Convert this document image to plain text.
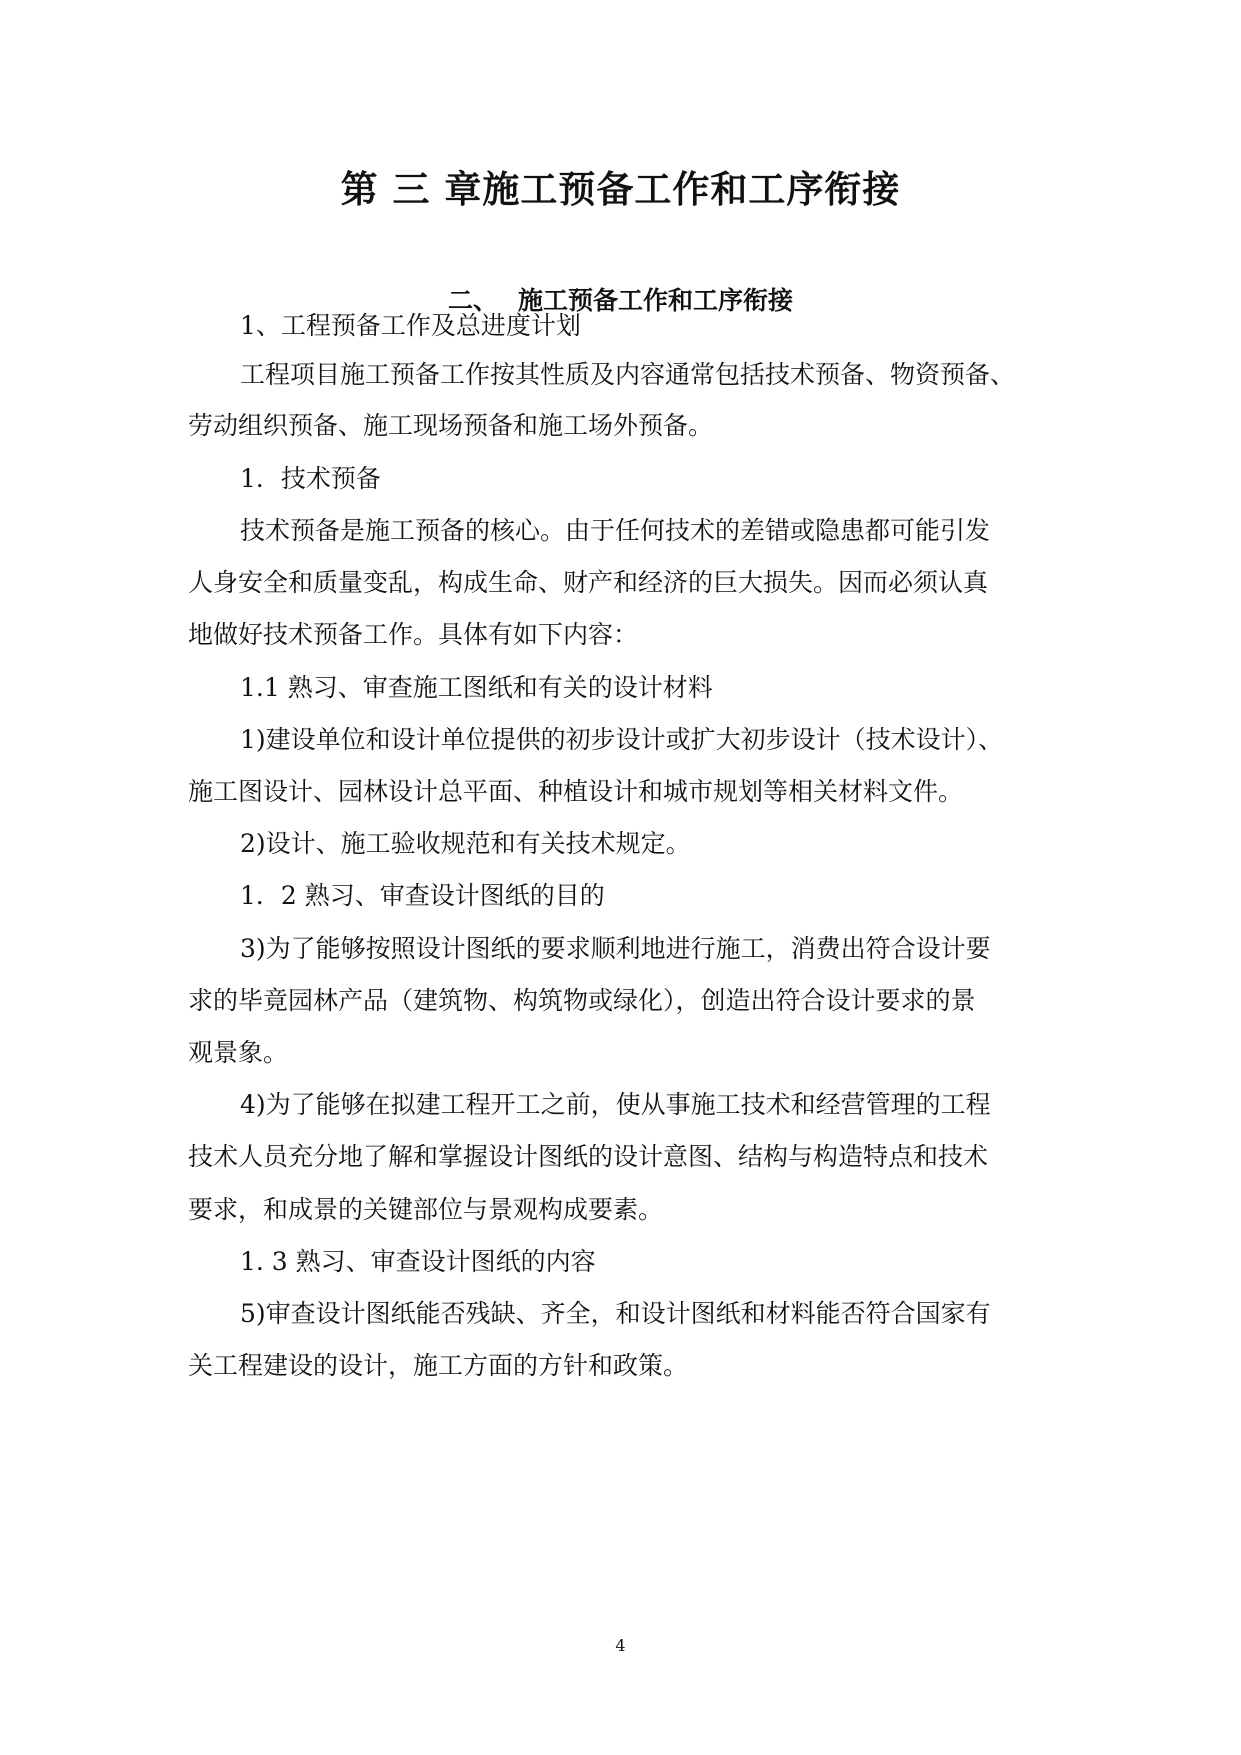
第 三 章施工预备工作和工序衔接
二、 施工预备工作和工序衔接

1、工程预备工作及总进度计划

工程项目施工预备工作按其性质及内容通常包括技术预备、物资预备、

劳动组织预备、施工现场预备和施工场外预备。

1．技术预备

技术预备是施工预备的核心。由于任何技术的差错或隐患都可能引发

人身安全和质量变乱，构成生命、财产和经济的巨大损失。因而必须认真

地做好技术预备工作。具体有如下内容：

1.1 熟习、审查施工图纸和有关的设计材料

1)建设单位和设计单位提供的初步设计或扩大初步设计（技术设计）、

施工图设计、园林设计总平面、种植设计和城市规划等相关材料文件。

2)设计、施工验收规范和有关技术规定。

1．2 熟习、审查设计图纸的目的

3)为了能够按照设计图纸的要求顺利地进行施工，消费出符合设计要

求的毕竟园林产品（建筑物、构筑物或绿化），创造出符合设计要求的景

观景象。

4)为了能够在拟建工程开工之前，使从事施工技术和经营管理的工程

技术人员充分地了解和掌握设计图纸的设计意图、结构与构造特点和技术

要求，和成景的关键部位与景观构成要素。

1. 3 熟习、审查设计图纸的内容

5)审查设计图纸能否残缺、齐全，和设计图纸和材料能否符合国家有

关工程建设的设计，施工方面的方针和政策。

4
